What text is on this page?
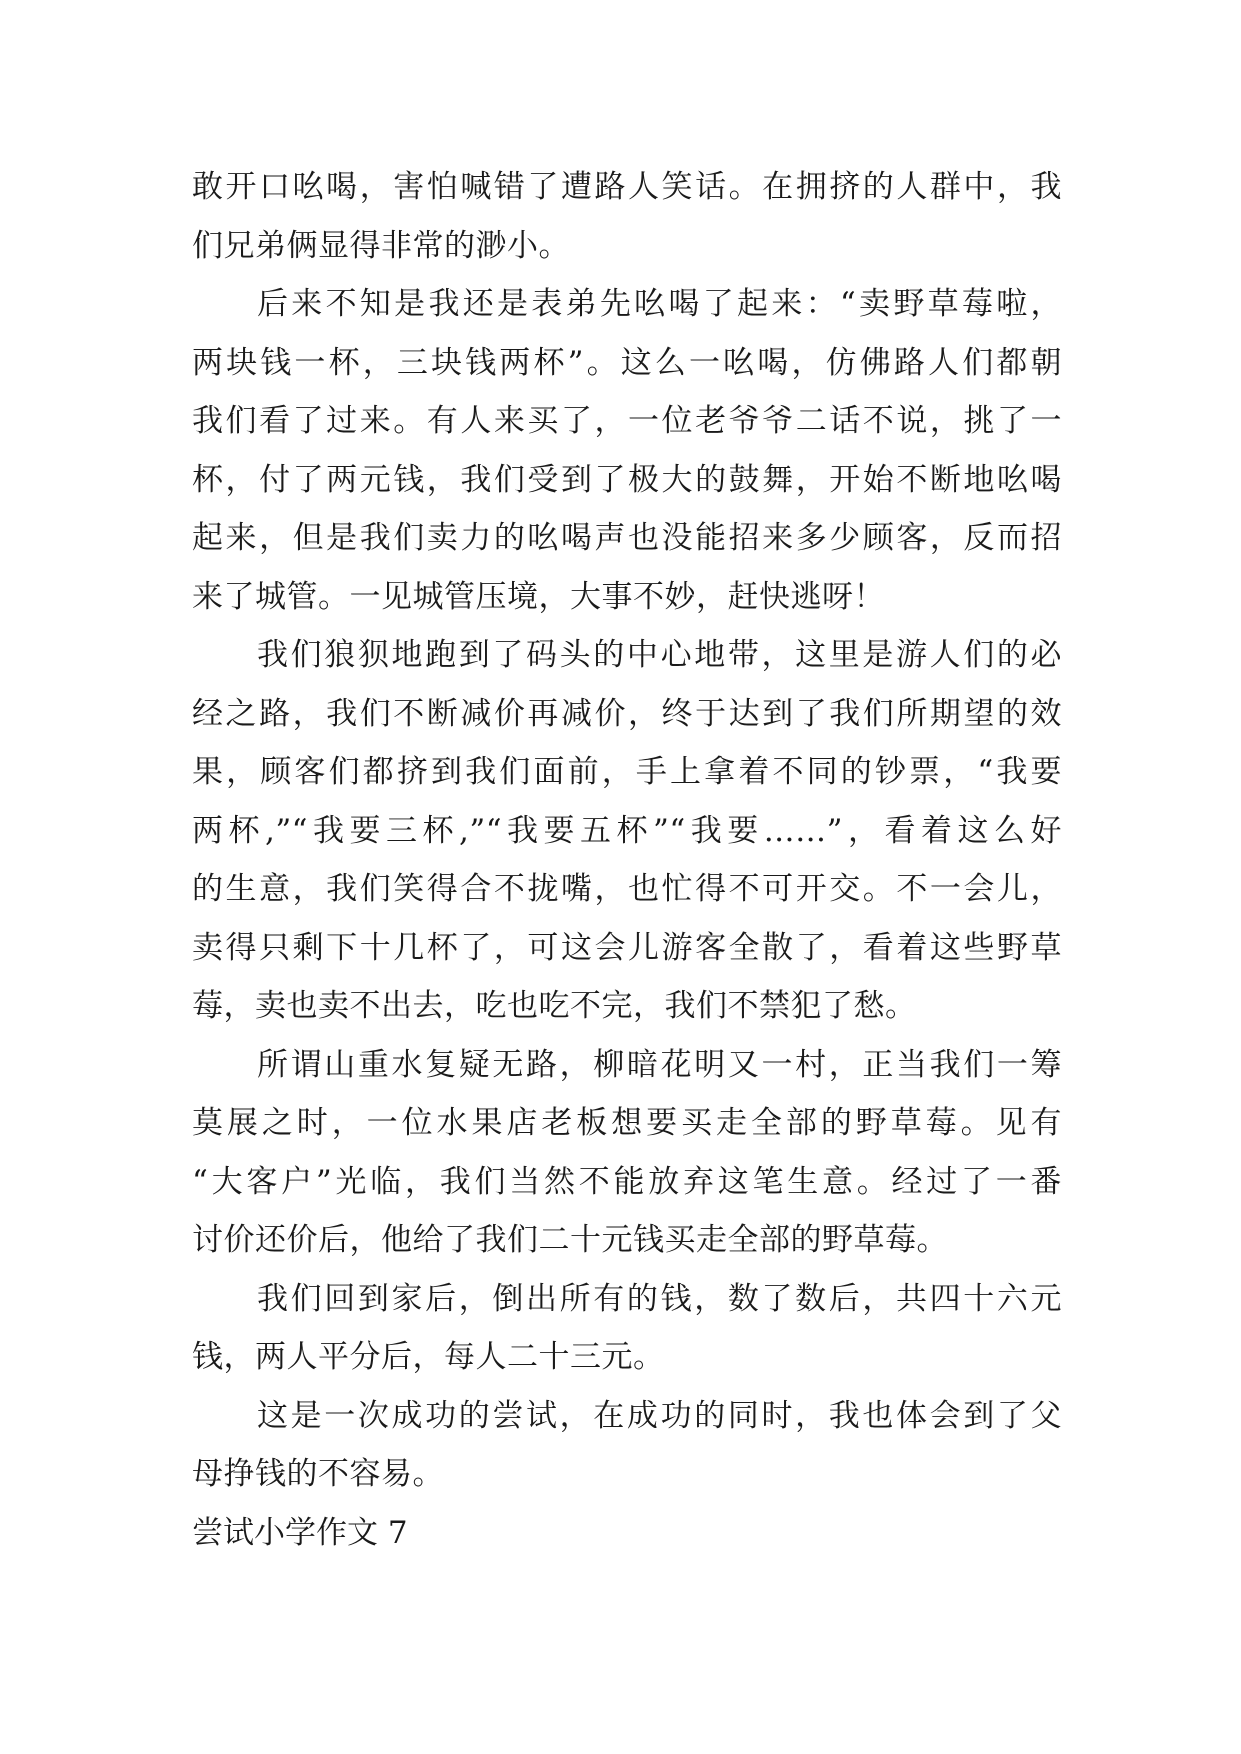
敢开口吆喝，害怕喊错了遭路人笑话。在拥挤的人群中，我
们兄弟俩显得非常的渺小。
后来不知是我还是表弟先吆喝了起来：“卖野草莓啦，
两块钱一杯，三块钱两杯”。这么一吆喝，仿佛路人们都朝
我们看了过来。有人来买了，一位老爷爷二话不说，挑了一
杯，付了两元钱，我们受到了极大的鼓舞，开始不断地吆喝
起来，但是我们卖力的吆喝声也没能招来多少顾客，反而招
来了城管。一见城管压境，大事不妙，赶快逃呀！
我们狼狈地跑到了码头的中心地带，这里是游人们的必
经之路，我们不断减价再减价，终于达到了我们所期望的效
果，顾客们都挤到我们面前，手上拿着不同的钞票，“我要
两杯,”“我要三杯,”“我要五杯”“我要……”，看着这么好
的生意，我们笑得合不拢嘴，也忙得不可开交。不一会儿，
卖得只剩下十几杯了，可这会儿游客全散了，看着这些野草
莓，卖也卖不出去，吃也吃不完，我们不禁犯了愁。
所谓山重水复疑无路，柳暗花明又一村，正当我们一筹
莫展之时，一位水果店老板想要买走全部的野草莓。见有
“大客户”光临，我们当然不能放弃这笔生意。经过了一番
讨价还价后，他给了我们二十元钱买走全部的野草莓。
我们回到家后，倒出所有的钱，数了数后，共四十六元
钱，两人平分后，每人二十三元。
这是一次成功的尝试，在成功的同时，我也体会到了父
母挣钱的不容易。
尝试小学作文 7
